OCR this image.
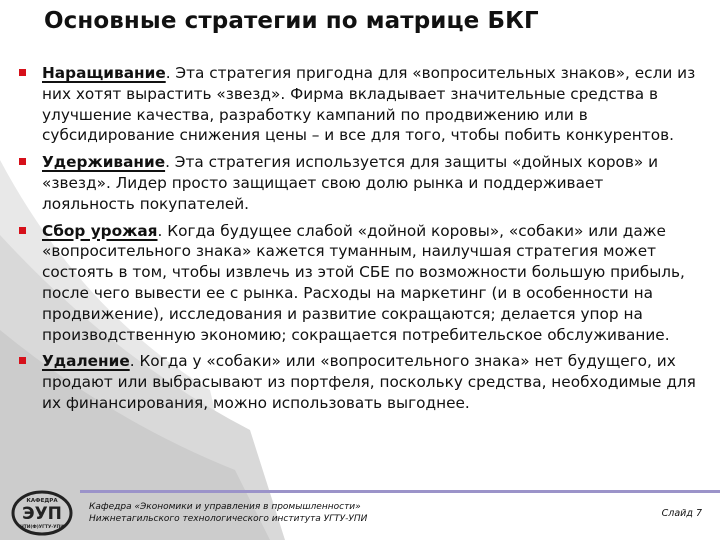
Основные стратегии по матрице БКГ
Наращивание. Эта стратегия пригодна для «вопросительных знаков», если из них хотят вырастить «звезд». Фирма вкладывает значительные средства в улучшение качества, разработку кампаний по продвижению или в субсидирование снижения цены – и все для того, чтобы побить конкурентов.
Удерживание. Эта стратегия используется для защиты «дойных коров» и «звезд». Лидер просто защищает свою долю рынка и поддерживает лояльность покупателей.
Сбор урожая. Когда будущее слабой «дойной коровы», «собаки» или даже «вопросительного знака» кажется туманным, наилучшая стратегия может состоять в том, чтобы извлечь из этой СБЕ по возможности большую прибыль, после чего вывести ее с рынка. Расходы на маркетинг (и в особенности на продвижение), исследования и развитие сокращаются; делается упор на производственную экономию; сокращается потребительское обслуживание.
Удаление. Когда у «собаки» или «вопросительного знака» нет будущего, их продают или выбрасывают из портфеля, поскольку средства, необходимые для их финансирования, можно использовать выгоднее.
КАФЕДРА
ЭУП
НТИ(Ф)УГТУ-УПИ
Кафедра «Экономики и управления в промышленности»
Нижнетагильского технологического института УГТУ-УПИ	Слайд 7
